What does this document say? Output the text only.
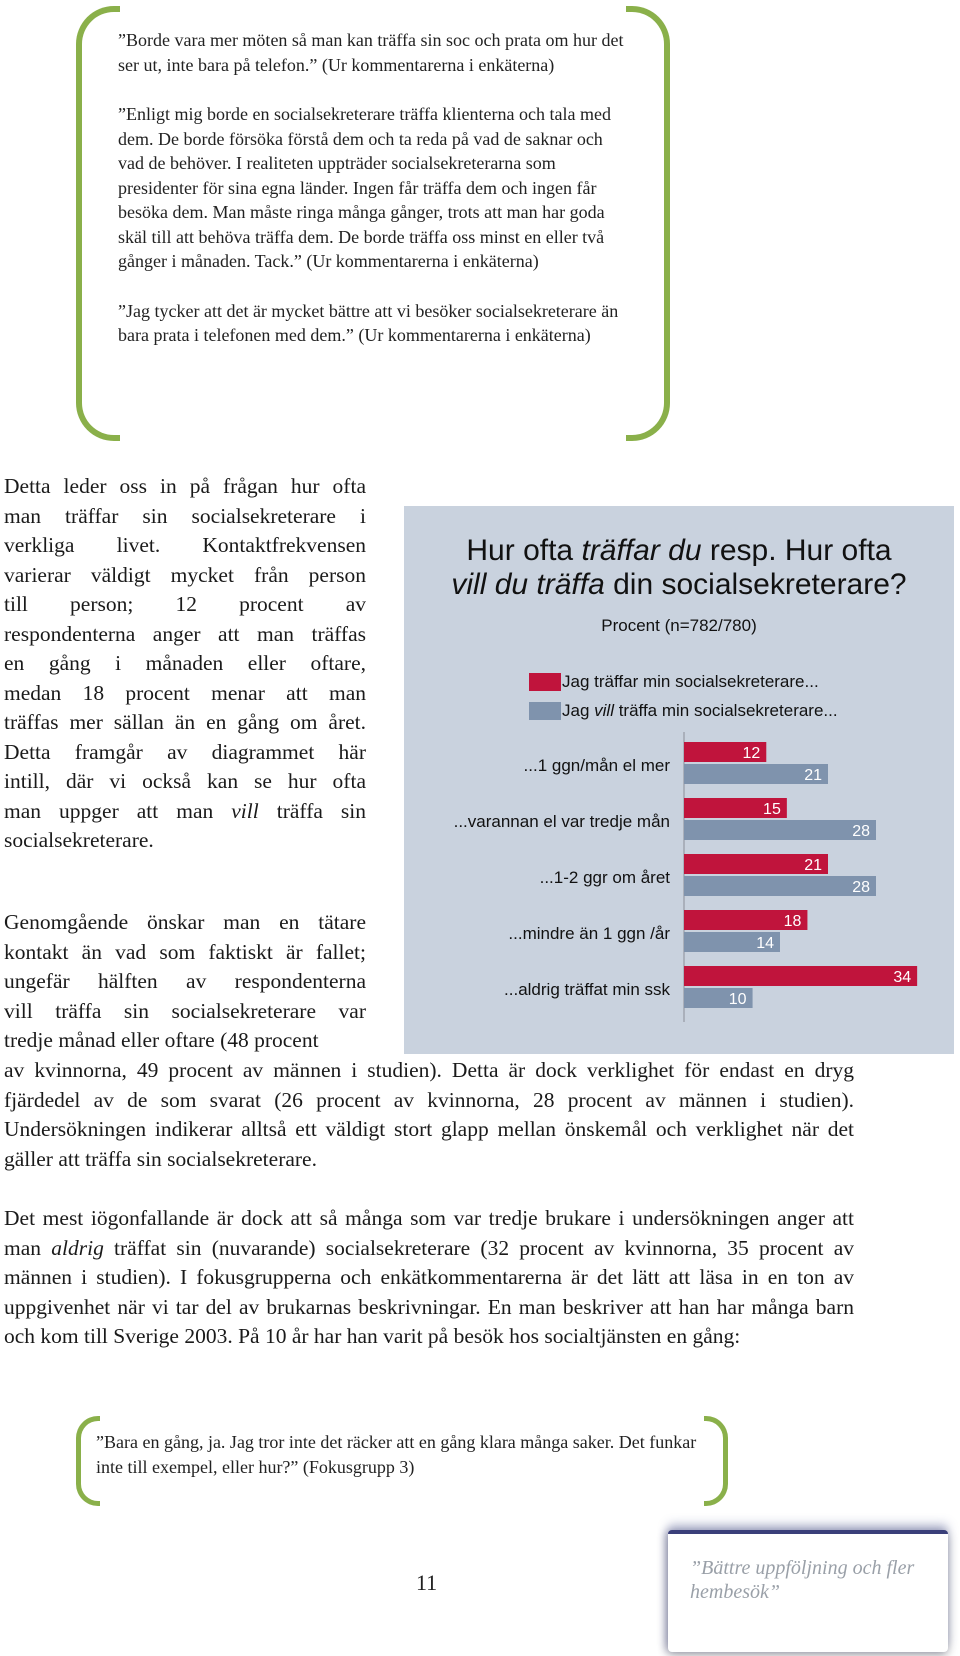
”Borde vara mer möten så man kan träffa sin soc och prata om hur det ser ut, inte bara på telefon.” (Ur kommentarerna i enkäterna)

”Enligt mig borde en socialsekreterare träffa klienterna och tala med dem. De borde försöka förstå dem och ta reda på vad de saknar och vad de behöver. I realiteten uppträder socialsekreterarna som presidenter för sina egna länder. Ingen får träffa dem och ingen får besöka dem. Man måste ringa många gånger, trots att man har goda skäl till att behöva träffa dem. De borde träffa oss minst en eller två gånger i månaden. Tack.” (Ur kommentarerna i enkäterna)

”Jag tycker att det är mycket bättre att vi besöker socialsekreterare än bara prata i telefonen med dem.” (Ur kommentarerna i enkäterna)

Detta leder oss in på frågan hur ofta
man träffar sin socialsekreterare i
verkliga livet. Kontaktfrekvensen
varierar väldigt mycket från person
till person; 12 procent av
respondenterna anger att man träffas
en gång i månaden eller oftare,
medan 18 procent menar att man
träffas mer sällan än en gång om året.
Detta framgår av diagrammet här
intill, där vi också kan se hur ofta
man uppger att man vill träffa sin
socialsekreterare.
Genomgående önskar man en tätare
kontakt än vad som faktiskt är fallet;
ungefär hälften av respondenterna
vill träffa sin socialsekreterare var
tredje månad eller oftare (48 procent

av kvinnorna, 49 procent av männen i studien). Detta är dock verklighet för endast en dryg fjärdedel av de som svarat (26 procent av kvinnorna, 28 procent av männen i studien). Undersökningen indikerar alltså ett väldigt stort glapp mellan önskemål och verklighet när det gäller att träffa sin socialsekreterare.

Det mest iögonfallande är dock att så många som var tredje brukare i undersökningen anger att man aldrig träffat sin (nuvarande) socialsekreterare (32 procent av kvinnorna, 35 procent av männen i studien). I fokusgrupperna och enkätkommentarerna är det lätt att läsa in en ton av uppgivenhet när vi tar del av brukarnas beskrivningar. En man beskriver att han har många barn och kom till Sverige 2003. På 10 år har han varit på besök hos socialtjänsten en gång:

Hur ofta träffar du resp. Hur ofta
vill du träffa din socialsekreterare?
Procent (n=782/780)
Jag träffar min socialsekreterare...
Jag vill träffa min socialsekreterare...
...1 ggn/mån el mer
12
21
...varannan el var tredje mån
15
28
...1-2 ggr om året
21
28
...mindre än 1 ggn /år
18
14
...aldrig träffat min ssk
34
10
”Bara en gång, ja. Jag tror inte det räcker att en gång klara många saker. Det funkar inte till exempel, eller hur?” (Fokusgrupp 3)
11
”Bättre uppföljning och fler hembesök”
